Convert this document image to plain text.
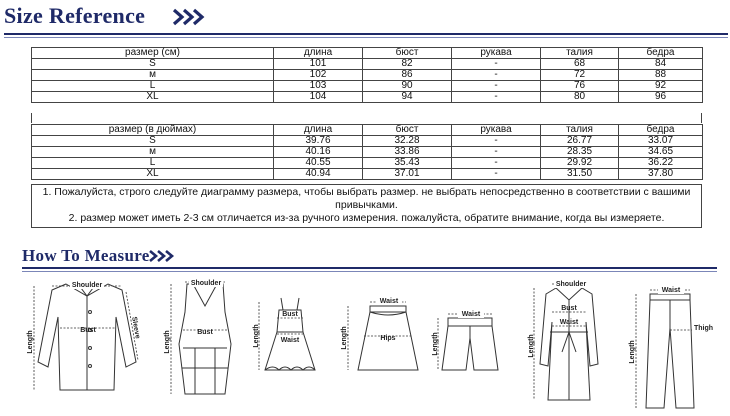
Size Reference
размер (см)	длина	бюст	рукава	талия	бедра
S	101	82	-	68	84
м	102	86	-	72	88
L	103	90	-	76	92
XL	104	94	-	80	96
размер (в дюймах)	длина	бюст	рукава	талия	бедра
S	39.76	32.28	-	26.77	33.07
м	40.16	33.86	-	28.35	34.65
L	40.55	35.43	-	29.92	36.22
XL	40.94	37.01	-	31.50	37.80
1. Пожалуйста, строго следуйте диаграмму размера, чтобы выбрать размер. не выбрать непосредственно в соответствии с вашими привычками.
2. размер может иметь 2-3 см отличается из-за ручного измерения. пожалуйста, обратите внимание, когда вы измеряете.
How To Measure
Shoulder
Bust
Length
Sleeve
Shoulder
Bust
Length
Bust
Waist
Length
Waist
Hips
Length
Waist
Length
Shoulder
Bust
Waist
Length
Waist
Thigh
Length
